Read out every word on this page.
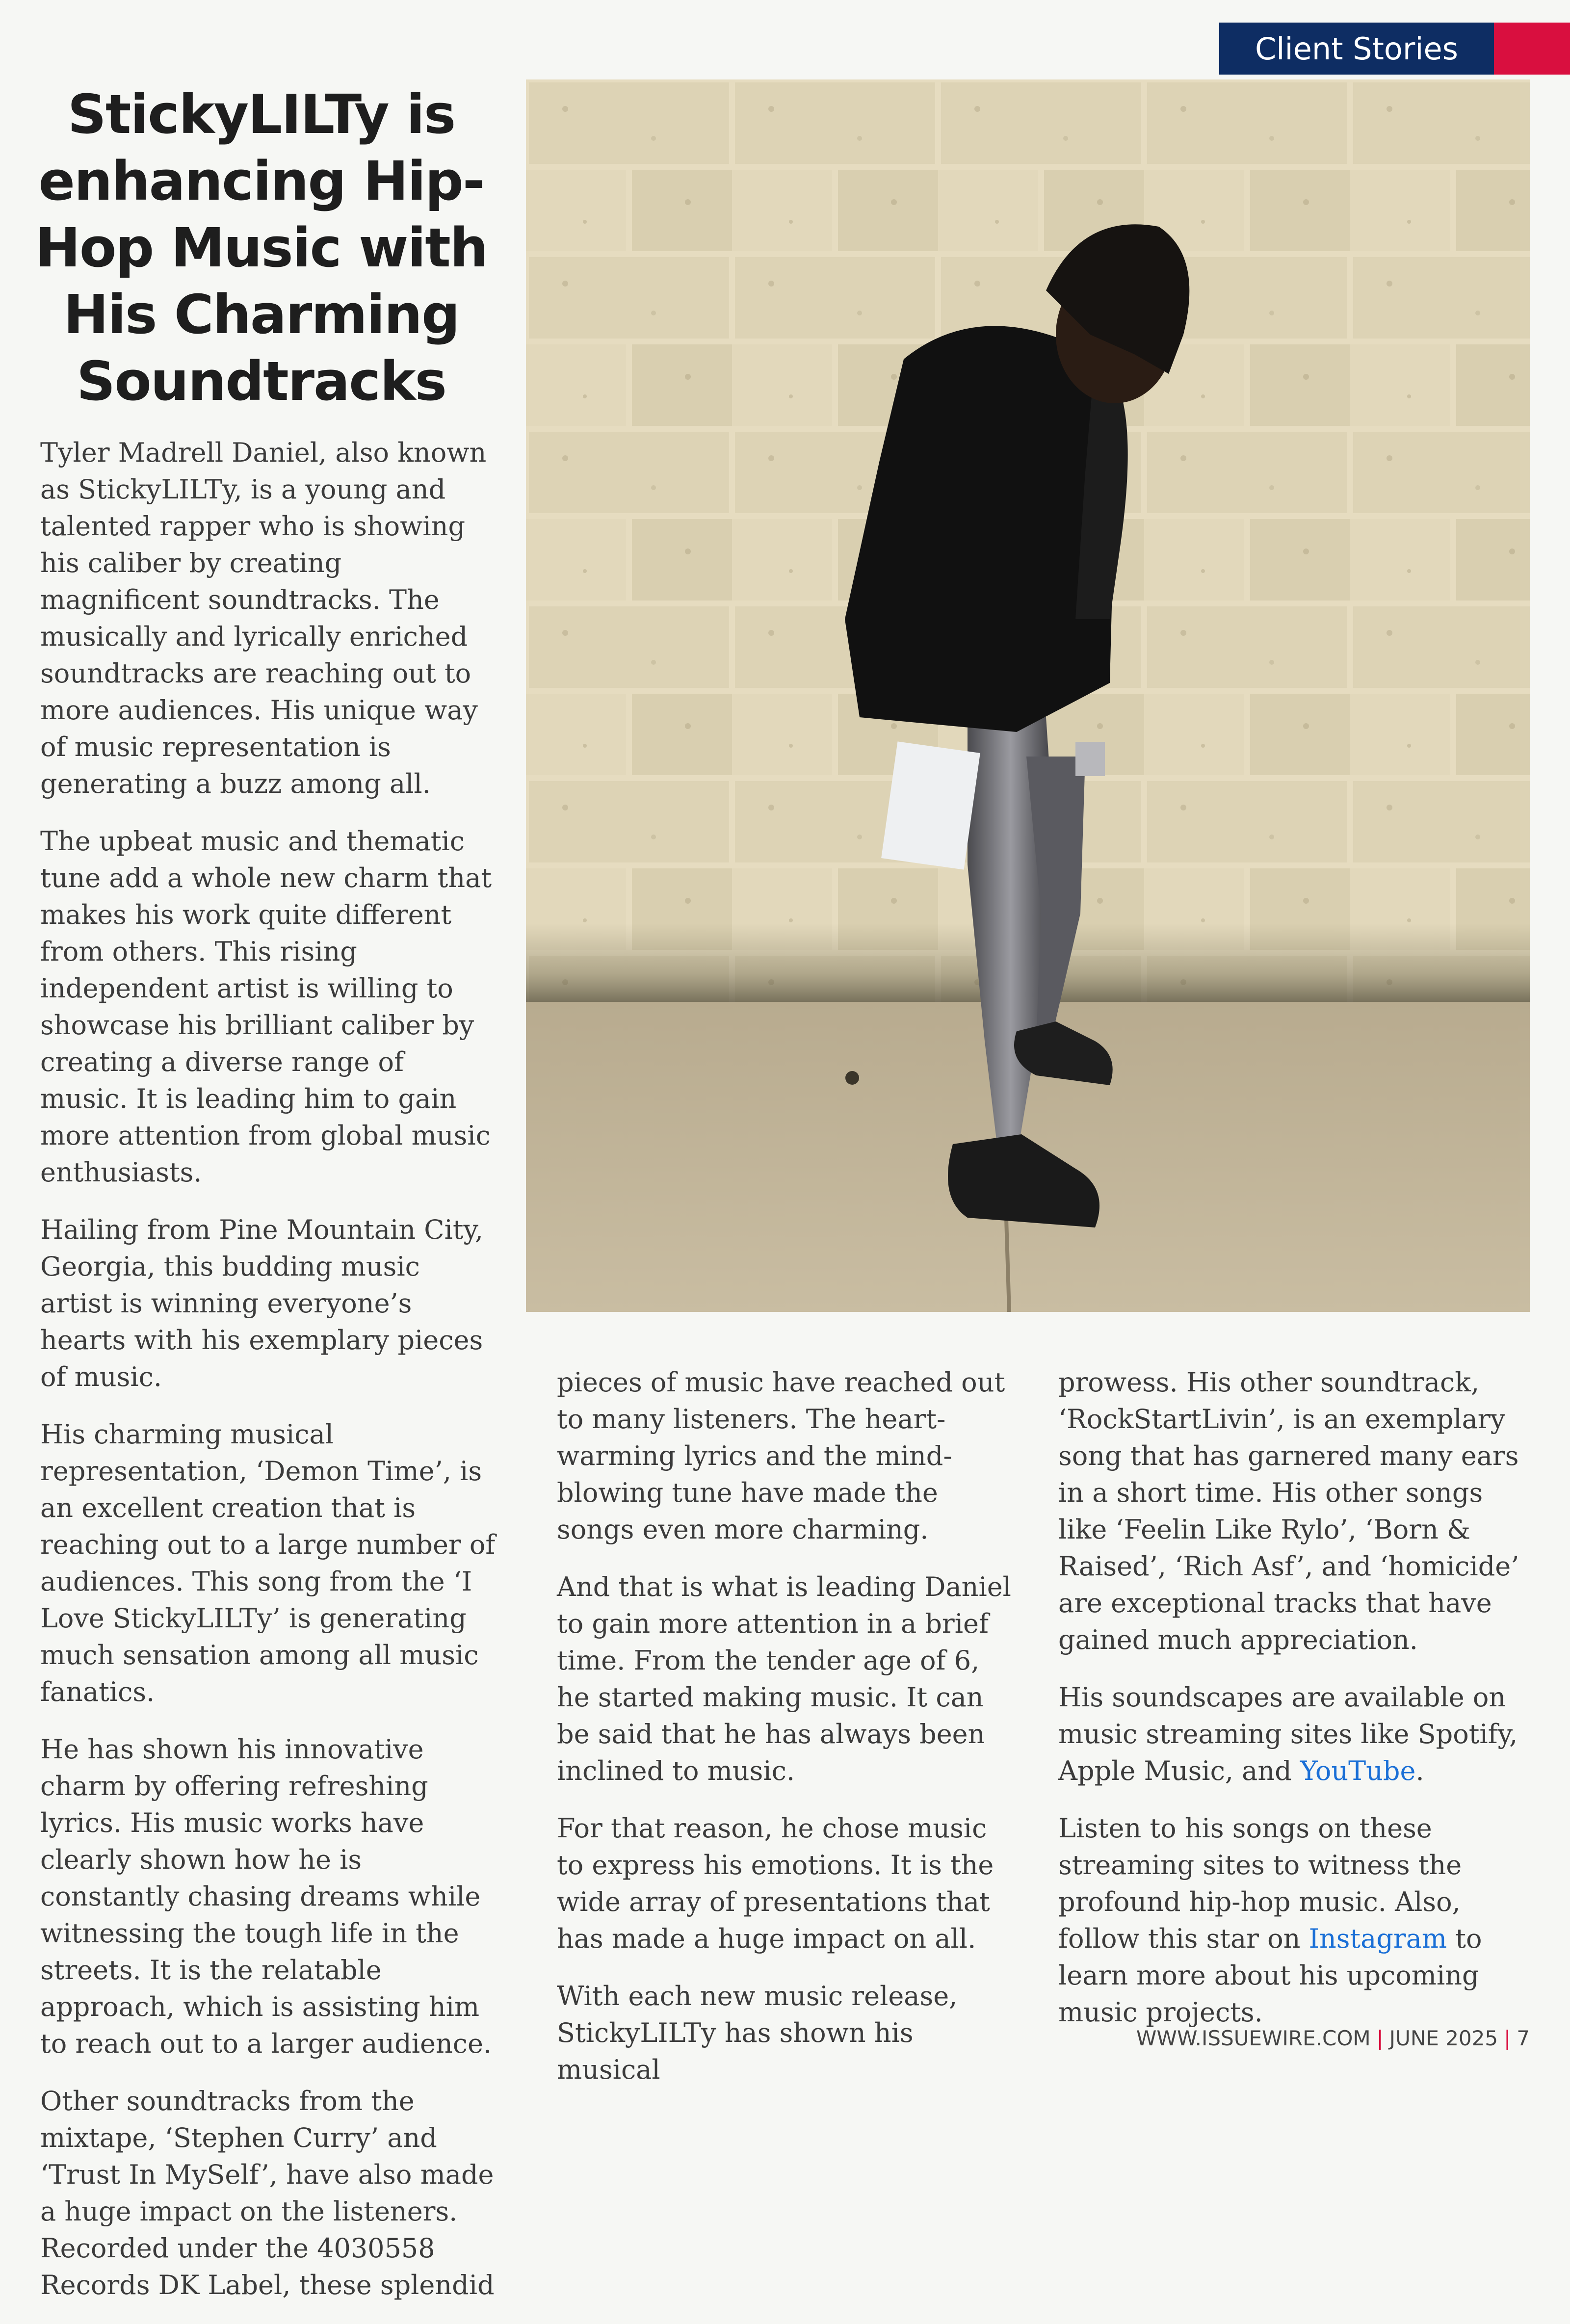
Client Stories
StickyLILTy is enhancing Hip-Hop Music with His Charming Soundtracks

Tyler Madrell Daniel, also known as StickyLILTy, is a young and talented rapper who is showing his caliber by creating magnificent soundtracks. The musically and lyrically enriched soundtracks are reaching out to more audiences. His unique way of music representation is generating a buzz among all.

The upbeat music and thematic tune add a whole new charm that makes his work quite different from others. This rising independent artist is willing to showcase his brilliant caliber by creating a diverse range of music. It is leading him to gain more attention from global music enthusiasts.

Hailing from Pine Mountain City, Georgia, this budding music artist is winning everyone’s hearts with his exemplary pieces of music.

His charming musical representation, ‘Demon Time’, is an excellent creation that is reaching out to a large number of audiences. This song from the ‘I Love StickyLILTy’ is generating much sensation among all music fanatics.

He has shown his innovative charm by offering refreshing lyrics. His music works have clearly shown how he is constantly chasing dreams while witnessing the tough life in the streets. It is the relatable approach, which is assisting him to reach out to a larger audience.

Other soundtracks from the mixtape, ‘Stephen Curry’ and ‘Trust In MySelf’, have also made a huge impact on the listeners. Recorded under the 4030558 Records DK Label, these splendid

pieces of music have reached out to many listeners. The heart-warming lyrics and the mind-blowing tune have made the songs even more charming.

And that is what is leading Daniel to gain more attention in a brief time. From the tender age of 6, he started making music. It can be said that he has always been inclined to music.

For that reason, he chose music to express his emotions. It is the wide array of presentations that has made a huge impact on all.

With each new music release, StickyLILTy has shown his musical

prowess. His other soundtrack, ‘RockStartLivin’, is an exemplary song that has garnered many ears in a short time. His other songs like ‘Feelin Like Rylo’, ‘Born & Raised’, ‘Rich Asf’, and ‘homicide’ are exceptional tracks that have gained much appreciation.

His soundscapes are available on music streaming sites like Spotify, Apple Music, and YouTube.

Listen to his songs on these streaming sites to witness the profound hip-hop music. Also, follow this star on Instagram to learn more about his upcoming music projects.

WWW.ISSUEWIRE.COM | JUNE 2025 | 7
